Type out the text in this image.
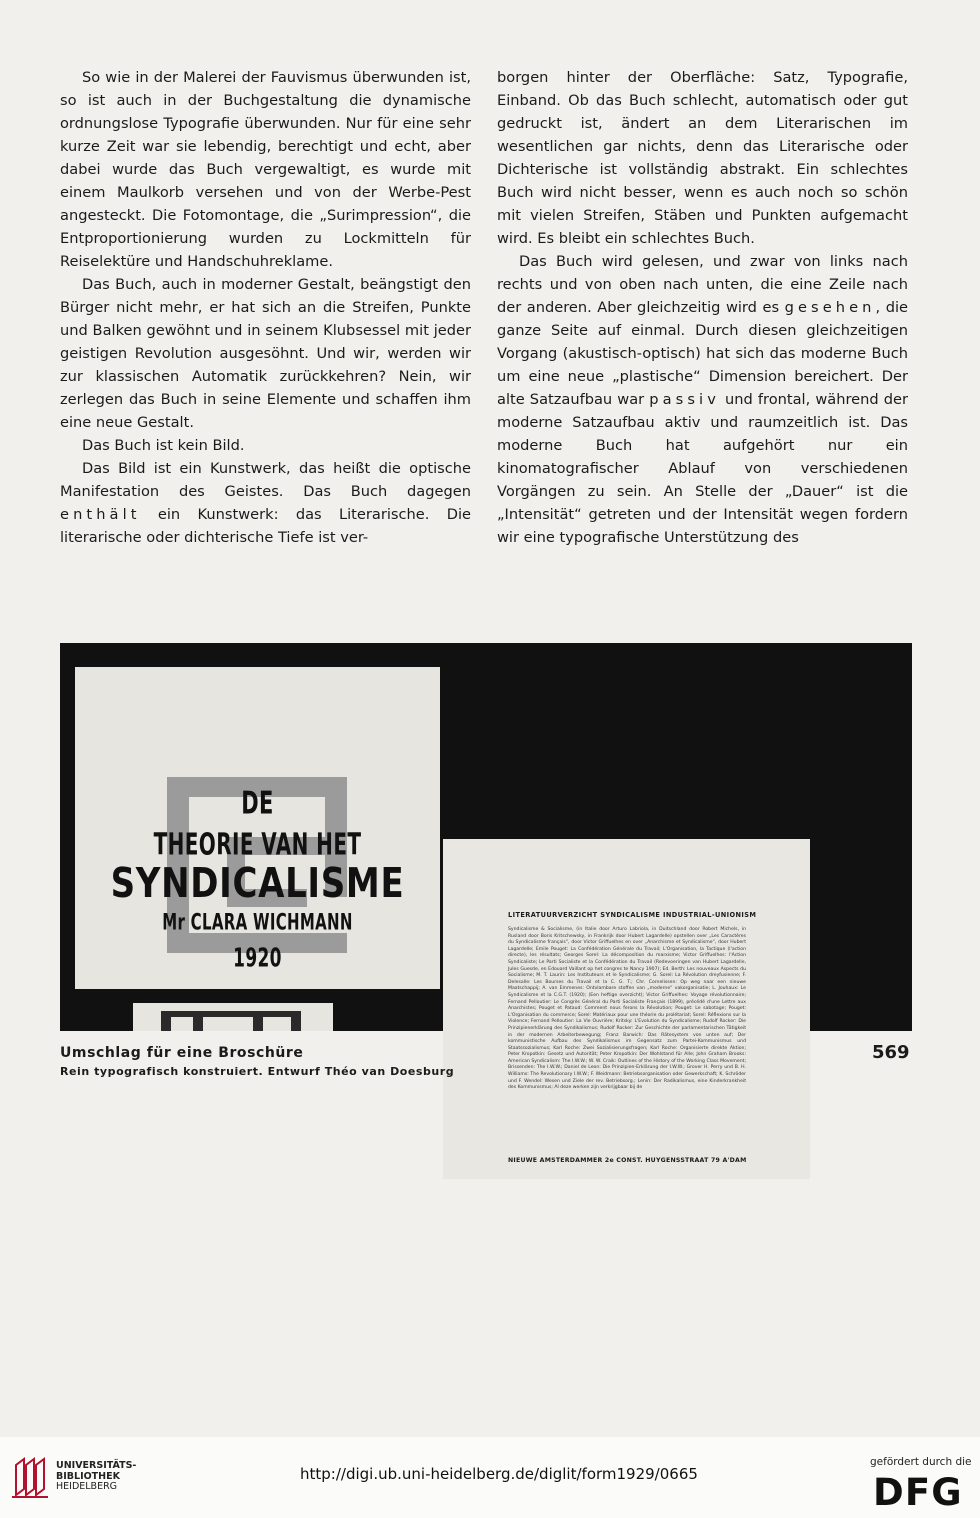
So wie in der Malerei der Fauvismus überwunden ist, so ist auch in der Buchgestaltung die dynamische ordnungslose Typografie überwunden. Nur für eine sehr kurze Zeit war sie lebendig, berechtigt und echt, aber dabei wurde das Buch vergewaltigt, es wurde mit einem Maulkorb versehen und von der Werbe-Pest angesteckt. Die Fotomontage, die „Surimpression“, die Entproportionierung wurden zu Lockmitteln für Reiselektüre und Handschuhreklame.

Das Buch, auch in moderner Gestalt, beängstigt den Bürger nicht mehr, er hat sich an die Streifen, Punkte und Balken gewöhnt und in seinem Klubsessel mit jeder geistigen Revolution ausgesöhnt. Und wir, werden wir zur klassischen Automatik zurückkehren? Nein, wir zerlegen das Buch in seine Elemente und schaffen ihm eine neue Gestalt.

Das Buch ist kein Bild.

Das Bild ist ein Kunstwerk, das heißt die optische Manifestation des Geistes. Das Buch dagegen enthält ein Kunstwerk: das Literarische. Die literarische oder dichterische Tiefe ist ver-

borgen hinter der Oberfläche: Satz, Typografie, Einband. Ob das Buch schlecht, automatisch oder gut gedruckt ist, ändert an dem Literarischen im wesentlichen gar nichts, denn das Literarische oder Dichterische ist vollständig abstrakt. Ein schlechtes Buch wird nicht besser, wenn es auch noch so schön mit vielen Streifen, Stäben und Punkten aufgemacht wird. Es bleibt ein schlechtes Buch.

Das Buch wird gelesen, und zwar von links nach rechts und von oben nach unten, die eine Zeile nach der anderen. Aber gleichzeitig wird es gesehen, die ganze Seite auf einmal. Durch diesen gleichzeitigen Vorgang (akustisch-optisch) hat sich das moderne Buch um eine neue „plastische“ Dimension bereichert. Der alte Satzaufbau war passiv und frontal, während der moderne Satzaufbau aktiv und raumzeitlich ist. Das moderne Buch hat aufgehört nur ein kinomatografischer Ablauf von verschiedenen Vorgängen zu sein. An Stelle der „Dauer“ ist die „Intensität“ getreten und der Intensität wegen fordern wir eine typografische Unterstützung des

DE
THEORIE VAN HET
SYNDICALISME
Mr CLARA WICHMANN
1920
LITERATUURVERZICHT SYNDICALISME INDUSTRIAL-UNIONISM
Syndicalisme & Socialisme, (in Italie door Arturo Labriola, in Duitschland door Robert Michels, in Rusland door Boris Kritschewsky, in Frankrijk door Hubert Lagardelle) opstellen over „Les Caractères du Syndicalisme français“, door Victor Griffuelhes en over „Anarchisme et Syndicalisme“, door Hubert Lagardelle; Emile Pouget: La Confédération Générale du Travail; L'Organisation, la Tactique (l'action directe), les résultats; Georges Sorel: La décomposition du marxisme; Victor Griffuelhes: l'Action Syndicaliste; Le Parti Socialiste et la Confédération du Travail (Redevoeringen van Hubert Lagardelle, Jules Guesde, en Edouard Vaillant op het congres te Nancy 1907); Ed. Berth: Les nouveaux Aspects du Socialisme; M. T. Laurin: Les Instituteurs et le Syndicalisme; G. Sorel: La Révolution dreyfusienne; F. Delesalle: Les Bourses du Travail et la C. G. T.; Chr. Cornelissen: Op weg naar een nieuwe Maatschappij; A. van Emmenes: Ontvlambare stoffen van „moderne“ vakorganisatie; L. Jouhaux: Le Syndicalisme et la C.G.T. (1920); (Een heftige overzicht); Victor Griffuelhes: Voyage révolutionnaire; Fernand Pelloutier: Le Congrès Général du Parti Socialiste Français (1899), précédé d'une Lettre aux Anarchistes; Pouget et Pataud: Comment nous ferons la Révolution; Pouget: Le sabotage; Pouget: L'Organisation du commerce; Sorel: Matériaux pour une théorie du prolétariat; Sorel: Réflexions sur la Violence; Fernand Pelloutier: La Vie Ouvrière; Kritsky: L'Evolution du Syndicalisme; Rudolf Rocker: Die Prinzipienerklärung des Syndikalismus; Rudolf Rocker: Zur Geschichte der parlamentarischen Tätigkeit in der modernen Arbeiterbewegung; Franz Barwich: Das Rätesystem von unten auf; Der kommunistische Aufbau des Syndikalismus im Gegensatz zum Partei-Kommunismus und Staatssozialismus; Karl Roche: Zwei Sozialisierungsfragen; Karl Roche: Organisierte direkte Aktion; Peter Kropotkin: Gesetz und Autorität; Peter Kropotkin: Der Wohlstand für Alle; John Graham Brooks: American Syndicalism: The I.W.W.; W. W. Craik: Outlines of the History of the Working Class Movement; Brissenden: The I.W.W.; Daniel de Leon: Die Prinzipien-Erklärung der I.W.W.; Grover H. Perry und B. H. Williams: The Revolutionary I.W.W.; F. Weidmann: Betriebsorganisation oder Gewerkschaft; K. Schröder und F. Wendel: Wesen und Ziele der rev. Betriebsorg.; Lenin: Der Radikalismus, eine Kinderkrankheit des Kommunismus; Al deze werken zijn verkrijgbaar bij de
NIEUWE AMSTERDAMMER 2e CONST. HUYGENSSTRAAT 79 A'DAM
Umschlag für eine Broschüre
Rein typografisch konstruiert. Entwurf Théo van Doesburg
569
UNIVERSITÄTS-
BIBLIOTHEK
HEIDELBERG
http://digi.ub.uni-heidelberg.de/diglit/form1929/0665
gefördert durch die
DFG
